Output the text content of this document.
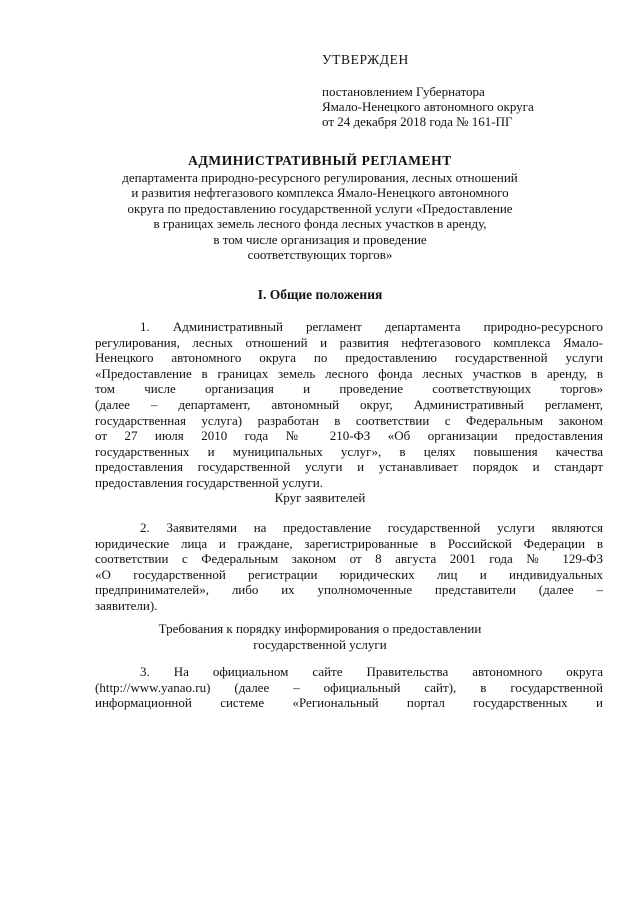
УТВЕРЖДЕН
постановлением Губернатора
Ямало-Ненецкого автономного округа
от 24 декабря 2018 года № 161-ПГ
АДМИНИСТРАТИВНЫЙ РЕГЛАМЕНТ
департамента природно-ресурсного регулирования, лесных отношений
и развития нефтегазового комплекса Ямало-Ненецкого автономного
округа по предоставлению государственной услуги «Предоставление
в границах земель лесного фонда лесных участков в аренду,
в том числе организация и проведение
соответствующих торгов»
I. Общие положения
1. Административный регламент департамента природно-ресурсного
регулирования, лесных отношений и развития нефтегазового комплекса Ямало-
Ненецкого автономного округа по предоставлению государственной услуги
«Предоставление в границах земель лесного фонда лесных участков в аренду, в
том числе организация и проведение соответствующих торгов»
(далее – департамент, автономный округ, Административный регламент,
государственная услуга) разработан в соответствии с Федеральным законом
от 27 июля 2010 года № 210-ФЗ «Об организации предоставления
государственных и муниципальных услуг», в целях повышения качества
предоставления государственной услуги и устанавливает порядок и стандарт
предоставления государственной услуги.
Круг заявителей
2. Заявителями на предоставление государственной услуги являются
юридические лица и граждане, зарегистрированные в Российской Федерации в
соответствии с Федеральным законом от 8 августа 2001 года № 129-ФЗ
«О государственной регистрации юридических лиц и индивидуальных
предпринимателей», либо их уполномоченные представители (далее –
заявители).
Требования к порядку информирования о предоставлении
государственной услуги
3. На официальном сайте Правительства автономного округа
(http://www.yanao.ru) (далее – официальный сайт), в государственной
информационной системе «Региональный портал государственных и
